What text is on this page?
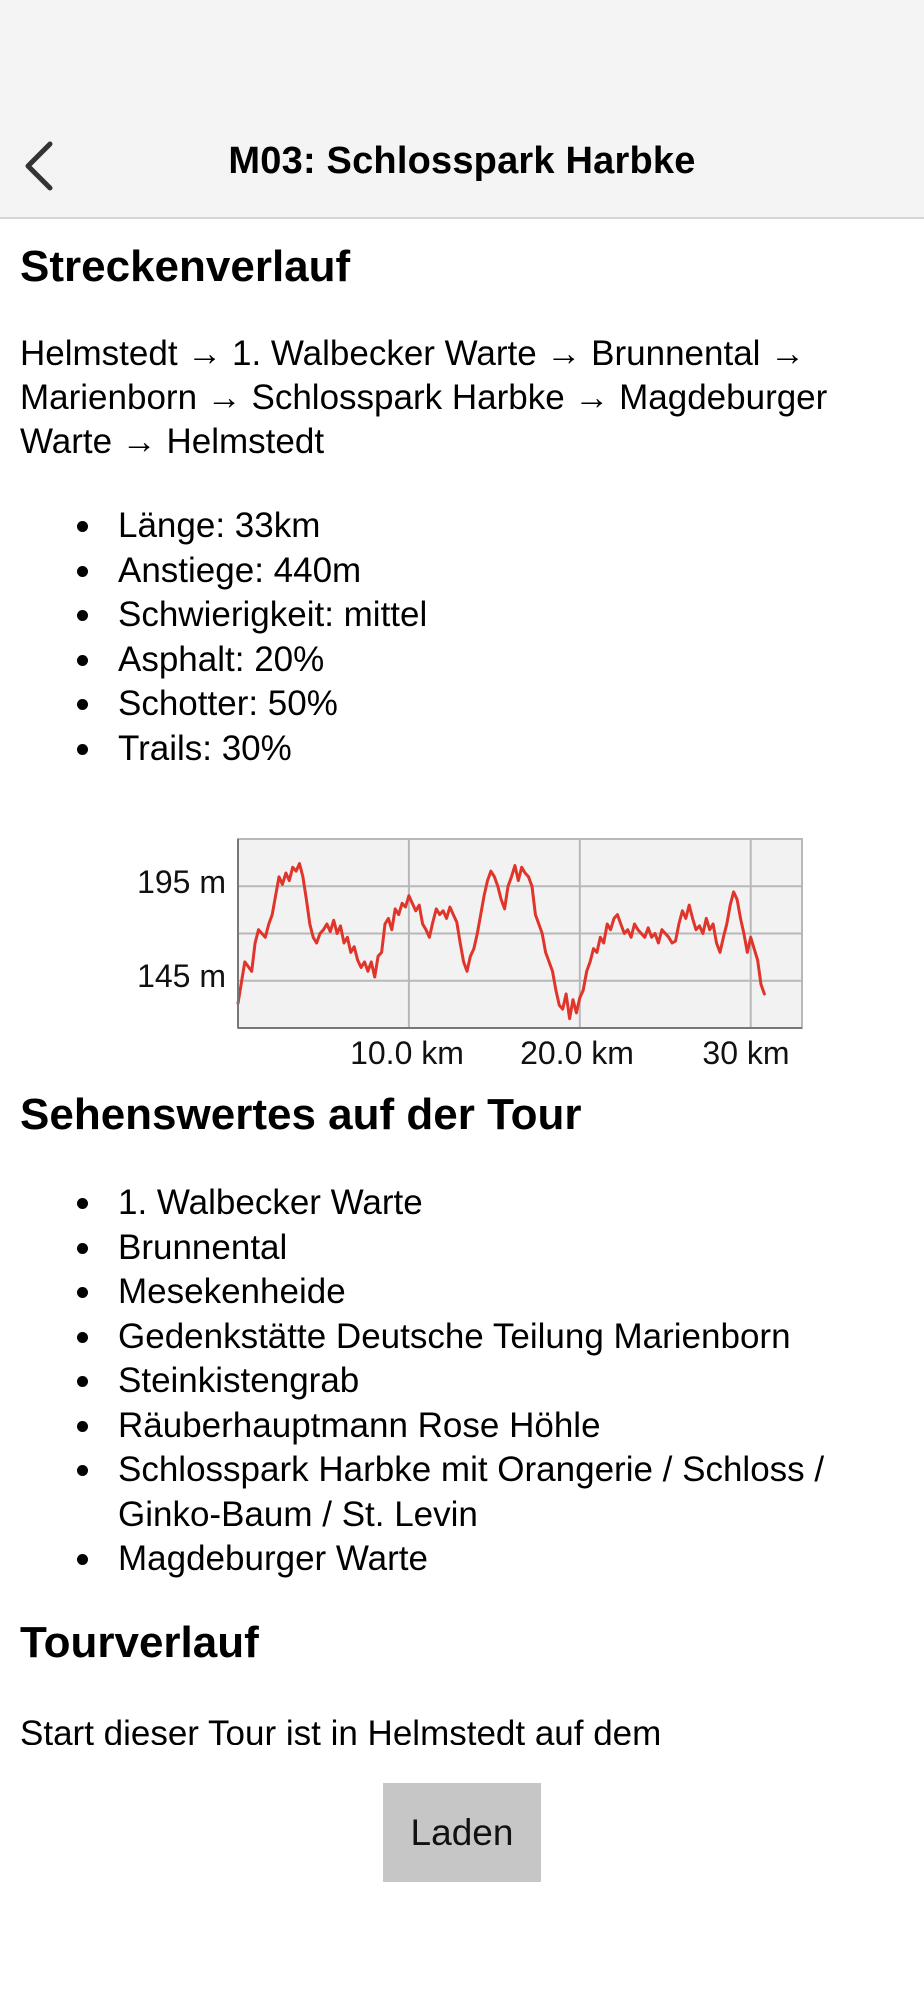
M03: Schlosspark Harbke
Streckenverlauf

Helmstedt → 1. Walbecker Warte → Brunnental → Marienborn → Schlosspark Harbke → Magdeburger Warte → Helmstedt

Länge: 33km
Anstiege: 440m
Schwierigkeit: mittel
Asphalt: 20%
Schotter: 50%
Trails: 30%
195 m
145 m
10.0 km 20.0 km 30 km
Sehenswertes auf der Tour
1. Walbecker Warte
Brunnental
Mesekenheide
Gedenkstätte Deutsche Teilung Marienborn
Steinkistengrab
Räuberhauptmann Rose Höhle
Schlosspark Harbke mit Orangerie / Schloss / Ginko-Baum / St. Levin
Magdeburger Warte
Tourverlauf

Start dieser Tour ist in Helmstedt auf dem

Laden
